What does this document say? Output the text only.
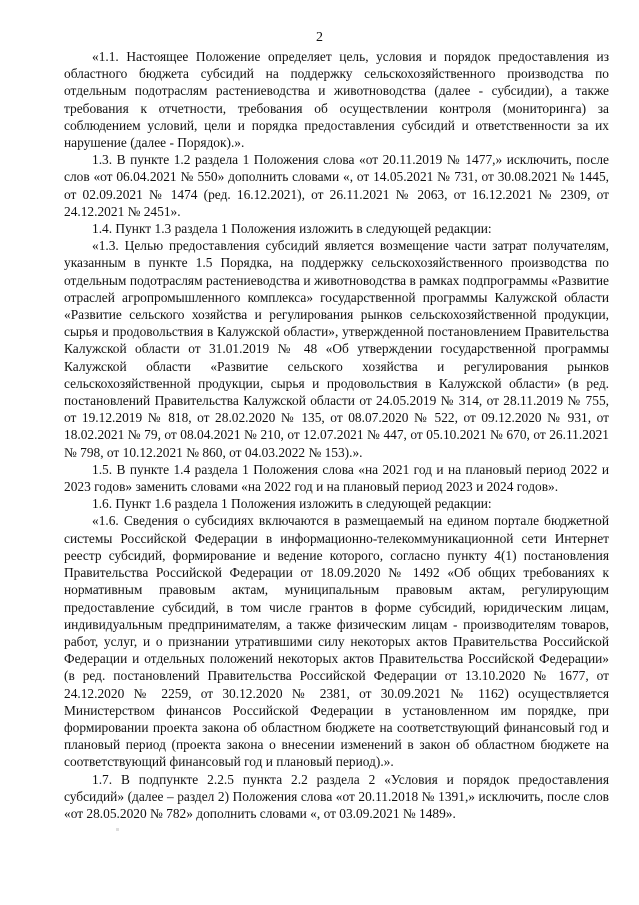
2

«1.1. Настоящее Положение определяет цель, условия и порядок предоставления из областного бюджета субсидий на поддержку сельскохозяйственного производства по отдельным подотраслям растениеводства и животноводства (далее - субсидии), а также требования к отчетности, требования об осуществлении контроля (мониторинга) за соблюдением условий, цели и порядка предоставления субсидий и ответственности за их нарушение (далее - Порядок).».

1.3. В пункте 1.2 раздела 1 Положения слова «от 20.11.2019 № 1477,» исключить, после слов «от 06.04.2021 № 550» дополнить словами «, от 14.05.2021 № 731, от 30.08.2021 № 1445, от 02.09.2021 № 1474 (ред. 16.12.2021), от 26.11.2021 № 2063, от 16.12.2021 № 2309, от 24.12.2021 № 2451».

1.4. Пункт 1.3 раздела 1 Положения изложить в следующей редакции:

«1.3. Целью предоставления субсидий является возмещение части затрат получателям, указанным в пункте 1.5 Порядка, на поддержку сельскохозяйственного производства по отдельным подотраслям растениеводства и животноводства в рамках подпрограммы «Развитие отраслей агропромышленного комплекса» государственной программы Калужской области «Развитие сельского хозяйства и регулирования рынков сельскохозяйственной продукции, сырья и продовольствия в Калужской области», утвержденной постановлением Правительства Калужской области от 31.01.2019 № 48 «Об утверждении государственной программы Калужской области «Развитие сельского хозяйства и регулирования рынков сельскохозяйственной продукции, сырья и продовольствия в Калужской области» (в ред. постановлений Правительства Калужской области от 24.05.2019 № 314, от 28.11.2019 № 755, от 19.12.2019 № 818, от 28.02.2020 № 135, от 08.07.2020 № 522, от 09.12.2020 № 931, от 18.02.2021 № 79, от 08.04.2021 № 210, от 12.07.2021 № 447, от 05.10.2021 № 670, от 26.11.2021 № 798, от 10.12.2021 № 860, от 04.03.2022 № 153).».

1.5. В пункте 1.4 раздела 1 Положения слова «на 2021 год и на плановый период 2022 и 2023 годов» заменить словами «на 2022 год и на плановый период 2023 и 2024 годов».

1.6. Пункт 1.6 раздела 1 Положения изложить в следующей редакции:

«1.6. Сведения о субсидиях включаются в размещаемый на едином портале бюджетной системы Российской Федерации в информационно-телекоммуникационной сети Интернет реестр субсидий, формирование и ведение которого, согласно пункту 4(1) постановления Правительства Российской Федерации от 18.09.2020 № 1492 «Об общих требованиях к нормативным правовым актам, муниципальным правовым актам, регулирующим предоставление субсидий, в том числе грантов в форме субсидий, юридическим лицам, индивидуальным предпринимателям, а также физическим лицам - производителям товаров, работ, услуг, и о признании утратившими силу некоторых актов Правительства Российской Федерации и отдельных положений некоторых актов Правительства Российской Федерации» (в ред. постановлений Правительства Российской Федерации от 13.10.2020 № 1677, от 24.12.2020 № 2259, от 30.12.2020 № 2381, от 30.09.2021 № 1162) осуществляется Министерством финансов Российской Федерации в установленном им порядке, при формировании проекта закона об областном бюджете на соответствующий финансовый год и плановый период (проекта закона о внесении изменений в закон об областном бюджете на соответствующий финансовый год и плановый период).».

1.7. В подпункте 2.2.5 пункта 2.2 раздела 2 «Условия и порядок предоставления субсидий» (далее – раздел 2) Положения слова «от 20.11.2018 № 1391,» исключить, после слов «от 28.05.2020 № 782» дополнить словами «, от 03.09.2021 № 1489».
